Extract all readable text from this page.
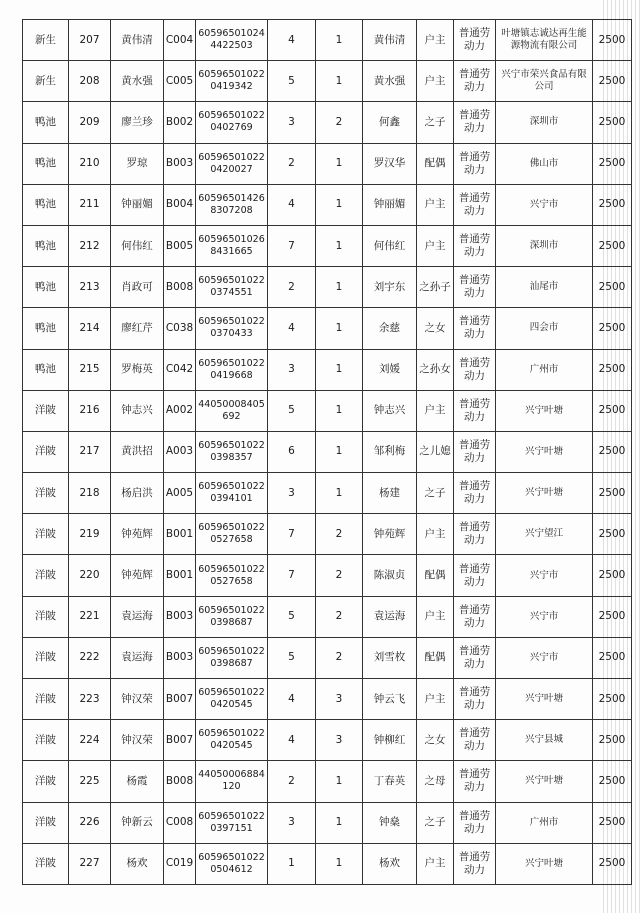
新生	207	黄伟清	C004	605965010244422503	4	1	黄伟清	户主	普通劳动力	叶塘镇志诚达再生能源物流有限公司	2500
新生	208	黄水强	C005	605965010220419342	5	1	黄水强	户主	普通劳动力	兴宁市荣兴食品有限公司	2500
鸭池	209	廖兰珍	B002	605965010220402769	3	2	何鑫	之子	普通劳动力	深圳市	2500
鸭池	210	罗琼	B003	605965010220420027	2	1	罗汉华	配偶	普通劳动力	佛山市	2500
鸭池	211	钟丽媚	B004	605965014268307208	4	1	钟丽媚	户主	普通劳动力	兴宁市	2500
鸭池	212	何伟红	B005	605965010268431665	7	1	何伟红	户主	普通劳动力	深圳市	2500
鸭池	213	肖政可	B008	605965010220374551	2	1	刘宇东	之孙子	普通劳动力	汕尾市	2500
鸭池	214	廖红芹	C038	605965010220370433	4	1	余慈	之女	普通劳动力	四会市	2500
鸭池	215	罗梅英	C042	605965010220419668	3	1	刘媛	之孙女	普通劳动力	广州市	2500
洋陂	216	钟志兴	A002	44050008405692	5	1	钟志兴	户主	普通劳动力	兴宁叶塘	2500
洋陂	217	黄洪招	A003	605965010220398357	6	1	邹利梅	之儿媳	普通劳动力	兴宁叶塘	2500
洋陂	218	杨启洪	A005	605965010220394101	3	1	杨建	之子	普通劳动力	兴宁叶塘	2500
洋陂	219	钟苑辉	B001	605965010220527658	7	2	钟苑辉	户主	普通劳动力	兴宁望江	2500
洋陂	220	钟苑辉	B001	605965010220527658	7	2	陈淑贞	配偶	普通劳动力	兴宁市	2500
洋陂	221	袁运海	B003	605965010220398687	5	2	袁运海	户主	普通劳动力	兴宁市	2500
洋陂	222	袁运海	B003	605965010220398687	5	2	刘雪枚	配偶	普通劳动力	兴宁市	2500
洋陂	223	钟汉荣	B007	605965010220420545	4	3	钟云飞	户主	普通劳动力	兴宁叶塘	2500
洋陂	224	钟汉荣	B007	605965010220420545	4	3	钟柳红	之女	普通劳动力	兴宁县城	2500
洋陂	225	杨霞	B008	44050006884120	2	1	丁春英	之母	普通劳动力	兴宁叶塘	2500
洋陂	226	钟新云	C008	605965010220397151	3	1	钟燊	之子	普通劳动力	广州市	2500
洋陂	227	杨欢	C019	605965010220504612	1	1	杨欢	户主	普通劳动力	兴宁叶塘	2500
